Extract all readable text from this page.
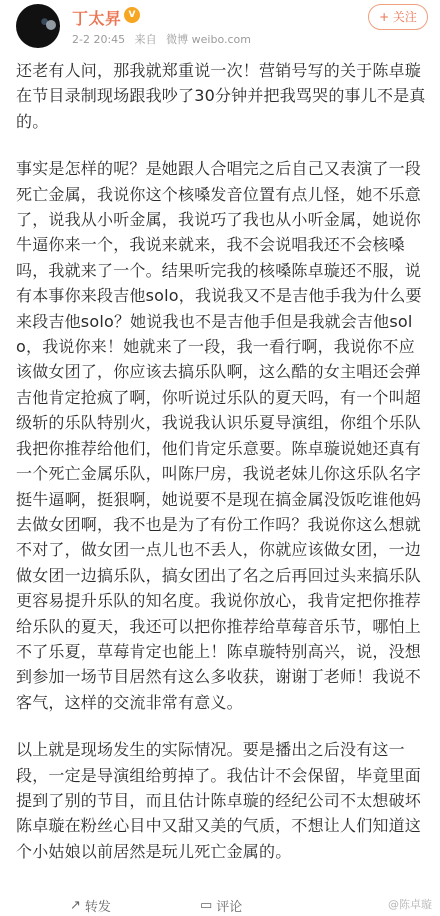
丁太昇 V
2-2 20:45 来自 微博 weibo.com
+ 关注

还老有人问，那我就郑重说一次！营销号写的关于陈卓璇在节目录制现场跟我吵了30分钟并把我骂哭的事儿不是真的。

事实是怎样的呢？是她跟人合唱完之后自己又表演了一段死亡金属，我说你这个核嗓发音位置有点儿怪，她不乐意了，说我从小听金属，我说巧了我也从小听金属，她说你牛逼你来一个，我说来就来，我不会说唱我还不会核嗓吗，我就来了一个。结果听完我的核嗓陈卓璇还不服，说有本事你来段吉他solo，我说我又不是吉他手我为什么要来段吉他solo？她说我也不是吉他手但是我就会吉他solo，我说你来！她就来了一段，我一看行啊，我说你不应该做女团了，你应该去搞乐队啊，这么酷的女主唱还会弹吉他肯定抢疯了啊，你听说过乐队的夏天吗，有一个叫超级斩的乐队特别火，我说我认识乐夏导演组，你组个乐队我把你推荐给他们，他们肯定乐意要。陈卓璇说她还真有一个死亡金属乐队，叫陈尸房，我说老妹儿你这乐队名字挺牛逼啊，挺狠啊，她说要不是现在搞金属没饭吃谁他妈去做女团啊，我不也是为了有份工作吗？我说你这么想就不对了，做女团一点儿也不丢人，你就应该做女团，一边做女团一边搞乐队，搞女团出了名之后再回过头来搞乐队更容易提升乐队的知名度。我说你放心，我肯定把你推荐给乐队的夏天，我还可以把你推荐给草莓音乐节，哪怕上不了乐夏，草莓肯定也能上！陈卓璇特别高兴，说，没想到参加一场节目居然有这么多收获，谢谢丁老师！我说不客气，这样的交流非常有意义。

以上就是现场发生的实际情况。要是播出之后没有这一段，一定是导演组给剪掉了。我估计不会保留，毕竟里面提到了别的节目，而且估计陈卓璇的经纪公司不太想破坏陈卓璇在粉丝心目中又甜又美的气质，不想让人们知道这个小姑娘以前居然是玩儿死亡金属的。

↗ 转发	▭ 评论	@陈卓璇
